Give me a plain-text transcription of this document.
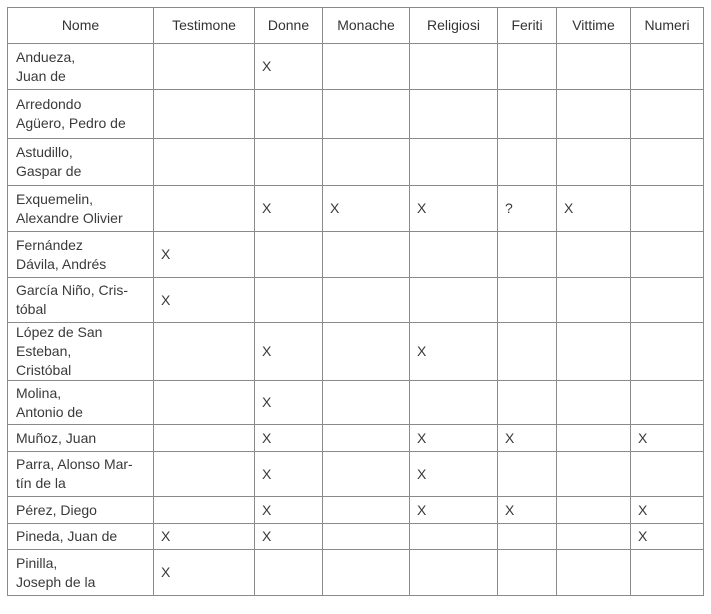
Nome	Testimone	Donne	Monache	Religiosi	Feriti	Vittime	Numeri
Andueza,
Juan de		X					
Arredondo
Agüero, Pedro de							
Astudillo,
Gaspar de							
Exquemelin,
Alexandre Olivier		X	X	X	?	X	
Fernández
Dávila, Andrés	X						
García Niño, Cris-
tóbal	X						
López de San
Esteban,
Cristóbal		X		X			
Molina,
Antonio de		X					
Muñoz, Juan		X		X	X		X
Parra, Alonso Mar-
tín de la		X		X			
Pérez, Diego		X		X	X		X
Pineda, Juan de	X	X					X
Pinilla,
Joseph de la	X						
